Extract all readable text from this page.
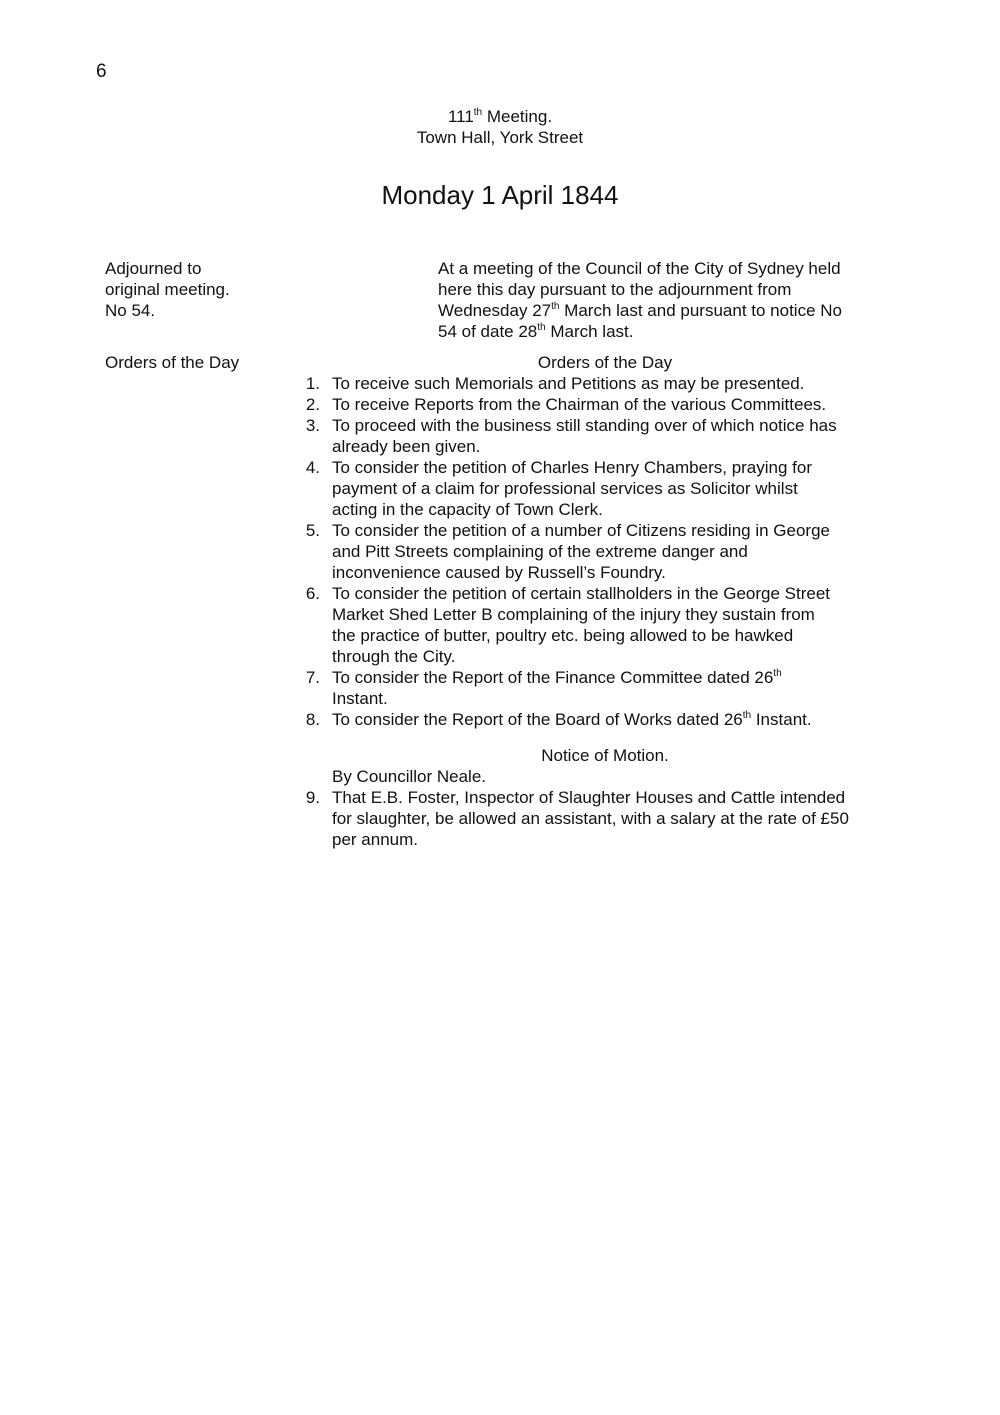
6
111th Meeting.
Town Hall, York Street
Monday 1 April 1844
Adjourned to
original meeting.
No 54.
Orders of the Day
At a meeting of the Council of the City of Sydney held
here this day pursuant to the adjournment from
Wednesday 27th March last and pursuant to notice No
54 of date 28th March last.
Orders of the Day
1. To receive such Memorials and Petitions as may be presented.
2. To receive Reports from the Chairman of the various Committees.
3. To proceed with the business still standing over of which notice has
already been given.
4. To consider the petition of Charles Henry Chambers, praying for
payment of a claim for professional services as Solicitor whilst
acting in the capacity of Town Clerk.
5. To consider the petition of a number of Citizens residing in George
and Pitt Streets complaining of the extreme danger and
inconvenience caused by Russell’s Foundry.
6. To consider the petition of certain stallholders in the George Street
Market Shed Letter B complaining of the injury they sustain from
the practice of butter, poultry etc. being allowed to be hawked
through the City.
7. To consider the Report of the Finance Committee dated 26th
Instant.
8. To consider the Report of the Board of Works dated 26th Instant.
Notice of Motion.
By Councillor Neale.
9. That E.B. Foster, Inspector of Slaughter Houses and Cattle intended
for slaughter, be allowed an assistant, with a salary at the rate of £50
per annum.
